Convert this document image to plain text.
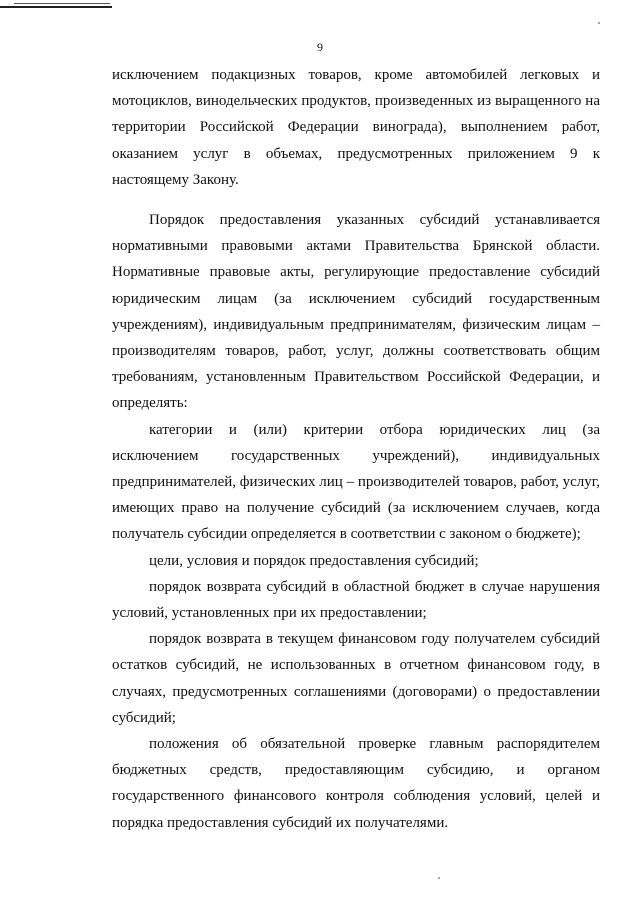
9

исключением подакцизных товаров, кроме автомобилей легковых и мотоциклов, винодельческих продуктов, произведенных из выращенного на территории Российской Федерации винограда), выполнением работ, оказанием услуг в объемах, предусмотренных приложением 9 к настоящему Закону.

Порядок предоставления указанных субсидий устанавливается нормативными правовыми актами Правительства Брянской области. Нормативные правовые акты, регулирующие предоставление субсидий юридическим лицам (за исключением субсидий государственным учреждениям), индивидуальным предпринимателям, физическим лицам – производителям товаров, работ, услуг, должны соответствовать общим требованиям, установленным Правительством Российской Федерации, и определять:

категории и (или) критерии отбора юридических лиц (за исключением государственных учреждений), индивидуальных предпринимателей, физических лиц – производителей товаров, работ, услуг, имеющих право на получение субсидий (за исключением случаев, когда получатель субсидии определяется в соответствии с законом о бюджете);

цели, условия и порядок предоставления субсидий;

порядок возврата субсидий в областной бюджет в случае нарушения условий, установленных при их предоставлении;

порядок возврата в текущем финансовом году получателем субсидий остатков субсидий, не использованных в отчетном финансовом году, в случаях, предусмотренных соглашениями (договорами) о предоставлении субсидий;

положения об обязательной проверке главным распорядителем бюджетных средств, предоставляющим субсидию, и органом государственного финансового контроля соблюдения условий, целей и порядка предоставления субсидий их получателями.
